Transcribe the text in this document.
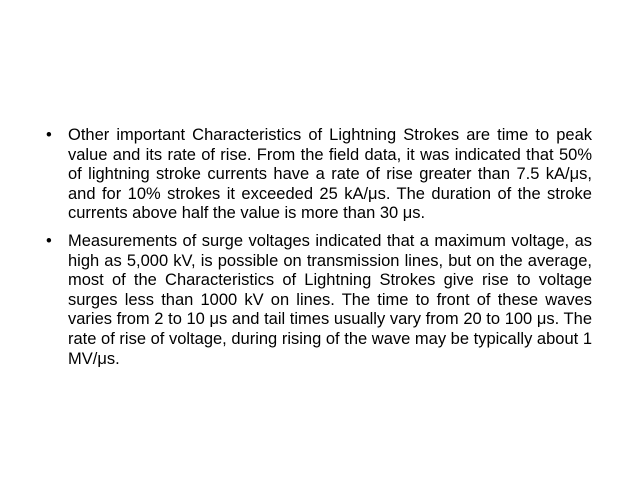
• Other important Characteristics of Lightning Strokes are time to peak value and its rate of rise. From the field data, it was indicated that 50% of lightning stroke currents have a rate of rise greater than 7.5 kA/μs, and for 10% strokes it exceeded 25 kA/μs. The duration of the stroke currents above half the value is more than 30 μs.
• Measurements of surge voltages indicated that a maximum voltage, as high as 5,000 kV, is possible on transmission lines, but on the average, most of the Characteristics of Lightning Strokes give rise to voltage surges less than 1000 kV on lines. The time to front of these waves varies from 2 to 10 μs and tail times usually vary from 20 to 100 μs. The rate of rise of voltage, during rising of the wave may be typically about 1 MV/μs.
